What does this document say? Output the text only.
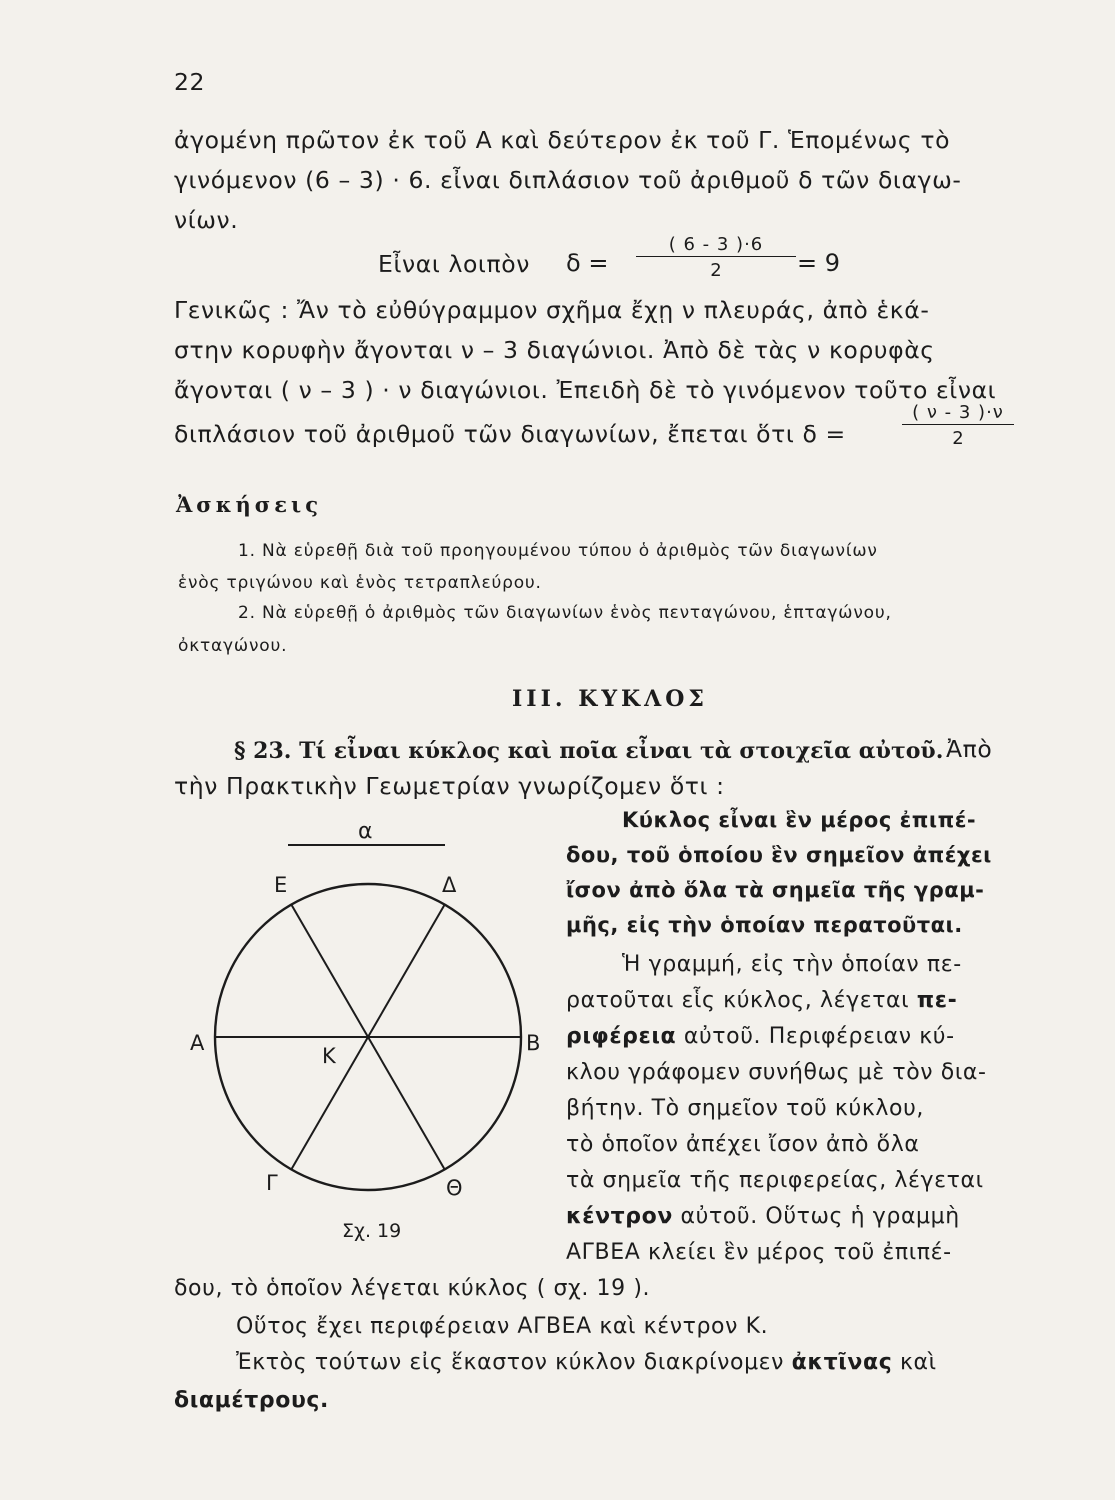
22
ἀγομένη πρῶτον ἐκ τοῦ Α καὶ δεύτερον ἐκ τοῦ Γ. Ἑπομένως τὸ
γινόμενον (6 – 3) · 6. εἶναι διπλάσιον τοῦ ἀριθμοῦ δ τῶν διαγω-
νίων.
Εἶναι λοιπὸν δ =
( 6 - 3 )·6
2	= 9
Γενικῶς : Ἄν τὸ εὐθύγραμμον σχῆμα ἔχῃ ν πλευράς, ἀπὸ ἑκά-
στην κορυφὴν ἄγονται ν – 3 διαγώνιοι. Ἀπὸ δὲ τὰς ν κορυφὰς
ἄγονται ( ν – 3 ) · ν διαγώνιοι. Ἐπειδὴ δὲ τὸ γινόμενον τοῦτο εἶναι
διπλάσιον τοῦ ἀριθμοῦ τῶν διαγωνίων, ἔπεται ὅτι δ =
( ν - 3 )·ν
2
Ἀσκήσεις
1. Νὰ εὑρεθῇ διὰ τοῦ προηγουμένου τύπου ὁ ἀριθμὸς τῶν διαγωνίων
ἑνὸς τριγώνου καὶ ἑνὸς τετραπλεύρου.
2. Νὰ εὑρεθῇ ὁ ἀριθμὸς τῶν διαγωνίων ἑνὸς πενταγώνου, ἑπταγώνου,
ὀκταγώνου.
III. ΚΥΚΛΟΣ
§ 23. Τί εἶναι κύκλος καὶ ποῖα εἶναι τὰ στοιχεῖα αὐτοῦ. Ἀπὸ
τὴν Πρακτικὴν Γεωμετρίαν γνωρίζομεν ὅτι :
Κύκλος εἶναι ἓν μέρος ἐπιπέ-
δου, τοῦ ὁποίου ἓν σημεῖον ἀπέχει
ἴσον ἀπὸ ὅλα τὰ σημεῖα τῆς γραμ-
μῆς, εἰς τὴν ὁποίαν περατοῦται.
Ἡ γραμμή, εἰς τὴν ὁποίαν πε-
ρατοῦται εἷς κύκλος, λέγεται πε-
ριφέρεια αὐτοῦ. Περιφέρειαν κύ-
κλου γράφομεν συνήθως μὲ τὸν δια-
βήτην. Τὸ σημεῖον τοῦ κύκλου,
τὸ ὁποῖον ἀπέχει ἴσον ἀπὸ ὅλα
τὰ σημεῖα τῆς περιφερείας, λέγεται
κέντρον αὐτοῦ. Οὕτως ἡ γραμμὴ
ΑΓΒΕΑ κλείει ἓν μέρος τοῦ ἐπιπέ-
α
Ε	Δ
Α	Β
Κ
Γ	Θ
Σχ. 19
δου, τὸ ὁποῖον λέγεται κύκλος ( σχ. 19 ).
Οὕτος ἔχει περιφέρειαν ΑΓΒΕΑ καὶ κέντρον Κ.
Ἐκτὸς τούτων εἰς ἕκαστον κύκλον διακρίνομεν ἀκτῖνας καὶ
διαμέτρους.
